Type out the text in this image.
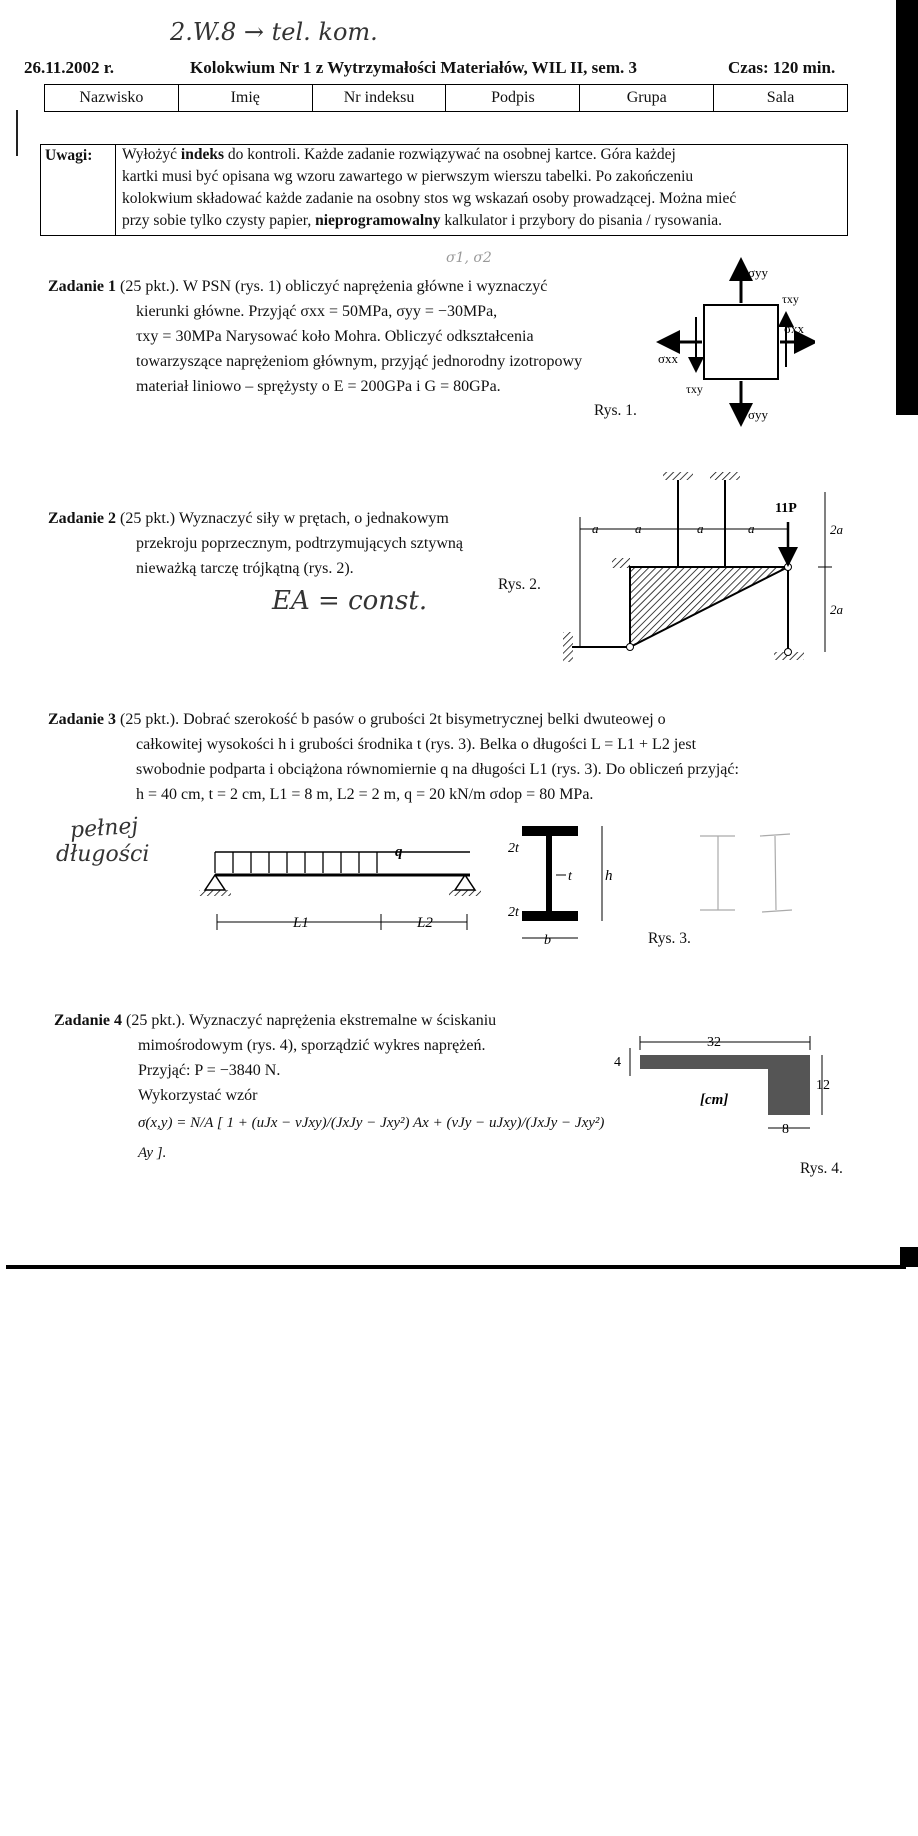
2.W.8 → tel. kom.
26.11.2002 r.	Kolokwium Nr 1 z Wytrzymałości Materiałów, WIL II, sem. 3	Czas: 120 min.
Nazwisko	Imię	Nr indeksu	Podpis	Grupa	Sala
Uwagi:	Wyłożyć indeks do kontroli. Każde zadanie rozwiązywać na osobnej kartce. Góra każdej
kartki musi być opisana wg wzoru zawartego w pierwszym wierszu tabelki. Po zakończeniu
kolokwium składować każde zadanie na osobny stos wg wskazań osoby prowadzącej. Można mieć
przy sobie tylko czysty papier, nieprogramowalny kalkulator i przybory do pisania / rysowania.
σ1, σ2
Zadanie 1 (25 pkt.). W PSN (rys. 1) obliczyć naprężenia główne i wyznaczyć
kierunki główne. Przyjąć σxx = 50MPa, σyy = −30MPa,
τxy = 30MPa Narysować koło Mohra. Obliczyć odkształcenia
towarzyszące naprężeniom głównym, przyjąć jednorodny izotropowy
materiał liniowo – sprężysty o E = 200GPa i G = 80GPa.
Rys. 1.
σyy
σyy
σxx
σxx
τxy
τxy
Zadanie 2 (25 pkt.) Wyznaczyć siły w prętach, o jednakowym
przekroju poprzecznym, podtrzymujących sztywną
nieważką tarczę trójkątną (rys. 2).
Rys. 2.
EA = const.
11P
a	a	a	a	2a
2a
Zadanie 3 (25 pkt.). Dobrać szerokość b pasów o grubości 2t bisymetrycznej belki dwuteowej o
całkowitej wysokości h i grubości środnika t (rys. 3). Belka o długości L = L1 + L2 jest
swobodnie podparta i obciążona równomiernie q na długości L1 (rys. 3). Do obliczeń przyjąć:
h = 40 cm, t = 2 cm, L1 = 8 m, L2 = 2 m, q = 20 kN/m σdop = 80 MPa.
pełnej
długości	q
L1	L2
h
2t
2t
t
b	Rys. 3.
Zadanie 4 (25 pkt.). Wyznaczyć naprężenia ekstremalne w ściskaniu
mimośrodowym (rys. 4), sporządzić wykres naprężeń.
Przyjąć: P = −3840 N.
Wykorzystać wzór
σ(x,y) = N/A [ 1 + (uJx − vJxy)/(JxJy − Jxy²) Ax + (vJy − uJxy)/(JxJy − Jxy²) Ay ].
32
4
12
8
[cm]
Rys. 4.
